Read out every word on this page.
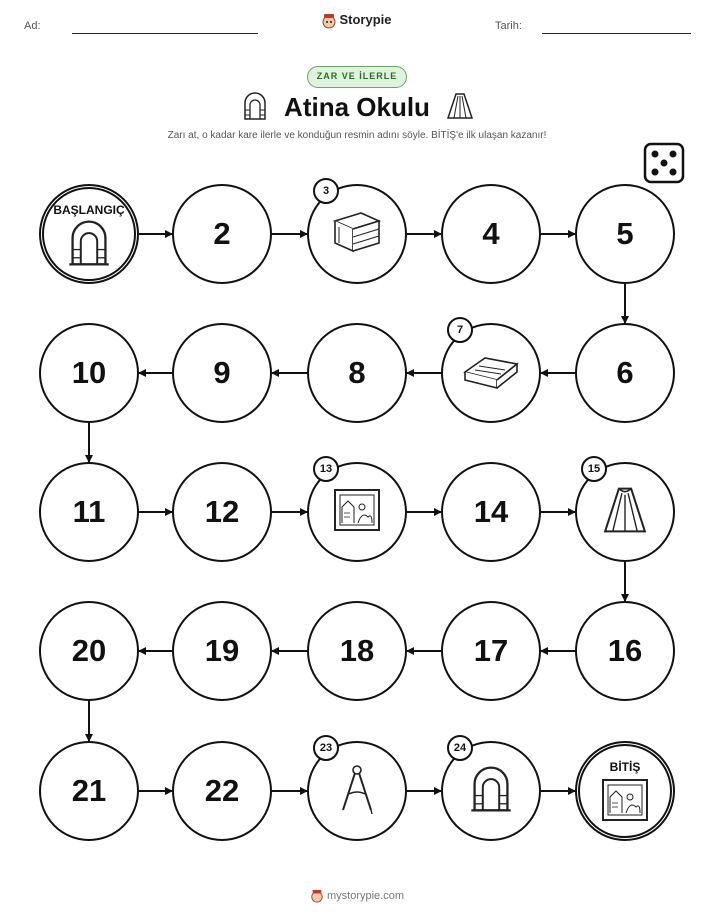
Ad:	Storypie	Tarih:
ZAR VE İLERLE
Atina Okulu
Zarı at, o kadar kare ilerle ve konduğun resmin adını söyle. BİTİŞ'e ilk ulaşan kazanır!
BAŞLANGIÇ
2
3
4	5
6
7
8
9
10
11	12
13
14
15
16
17
18
19
20
21	22
23	24
BİTİŞ
mystorypie.com
